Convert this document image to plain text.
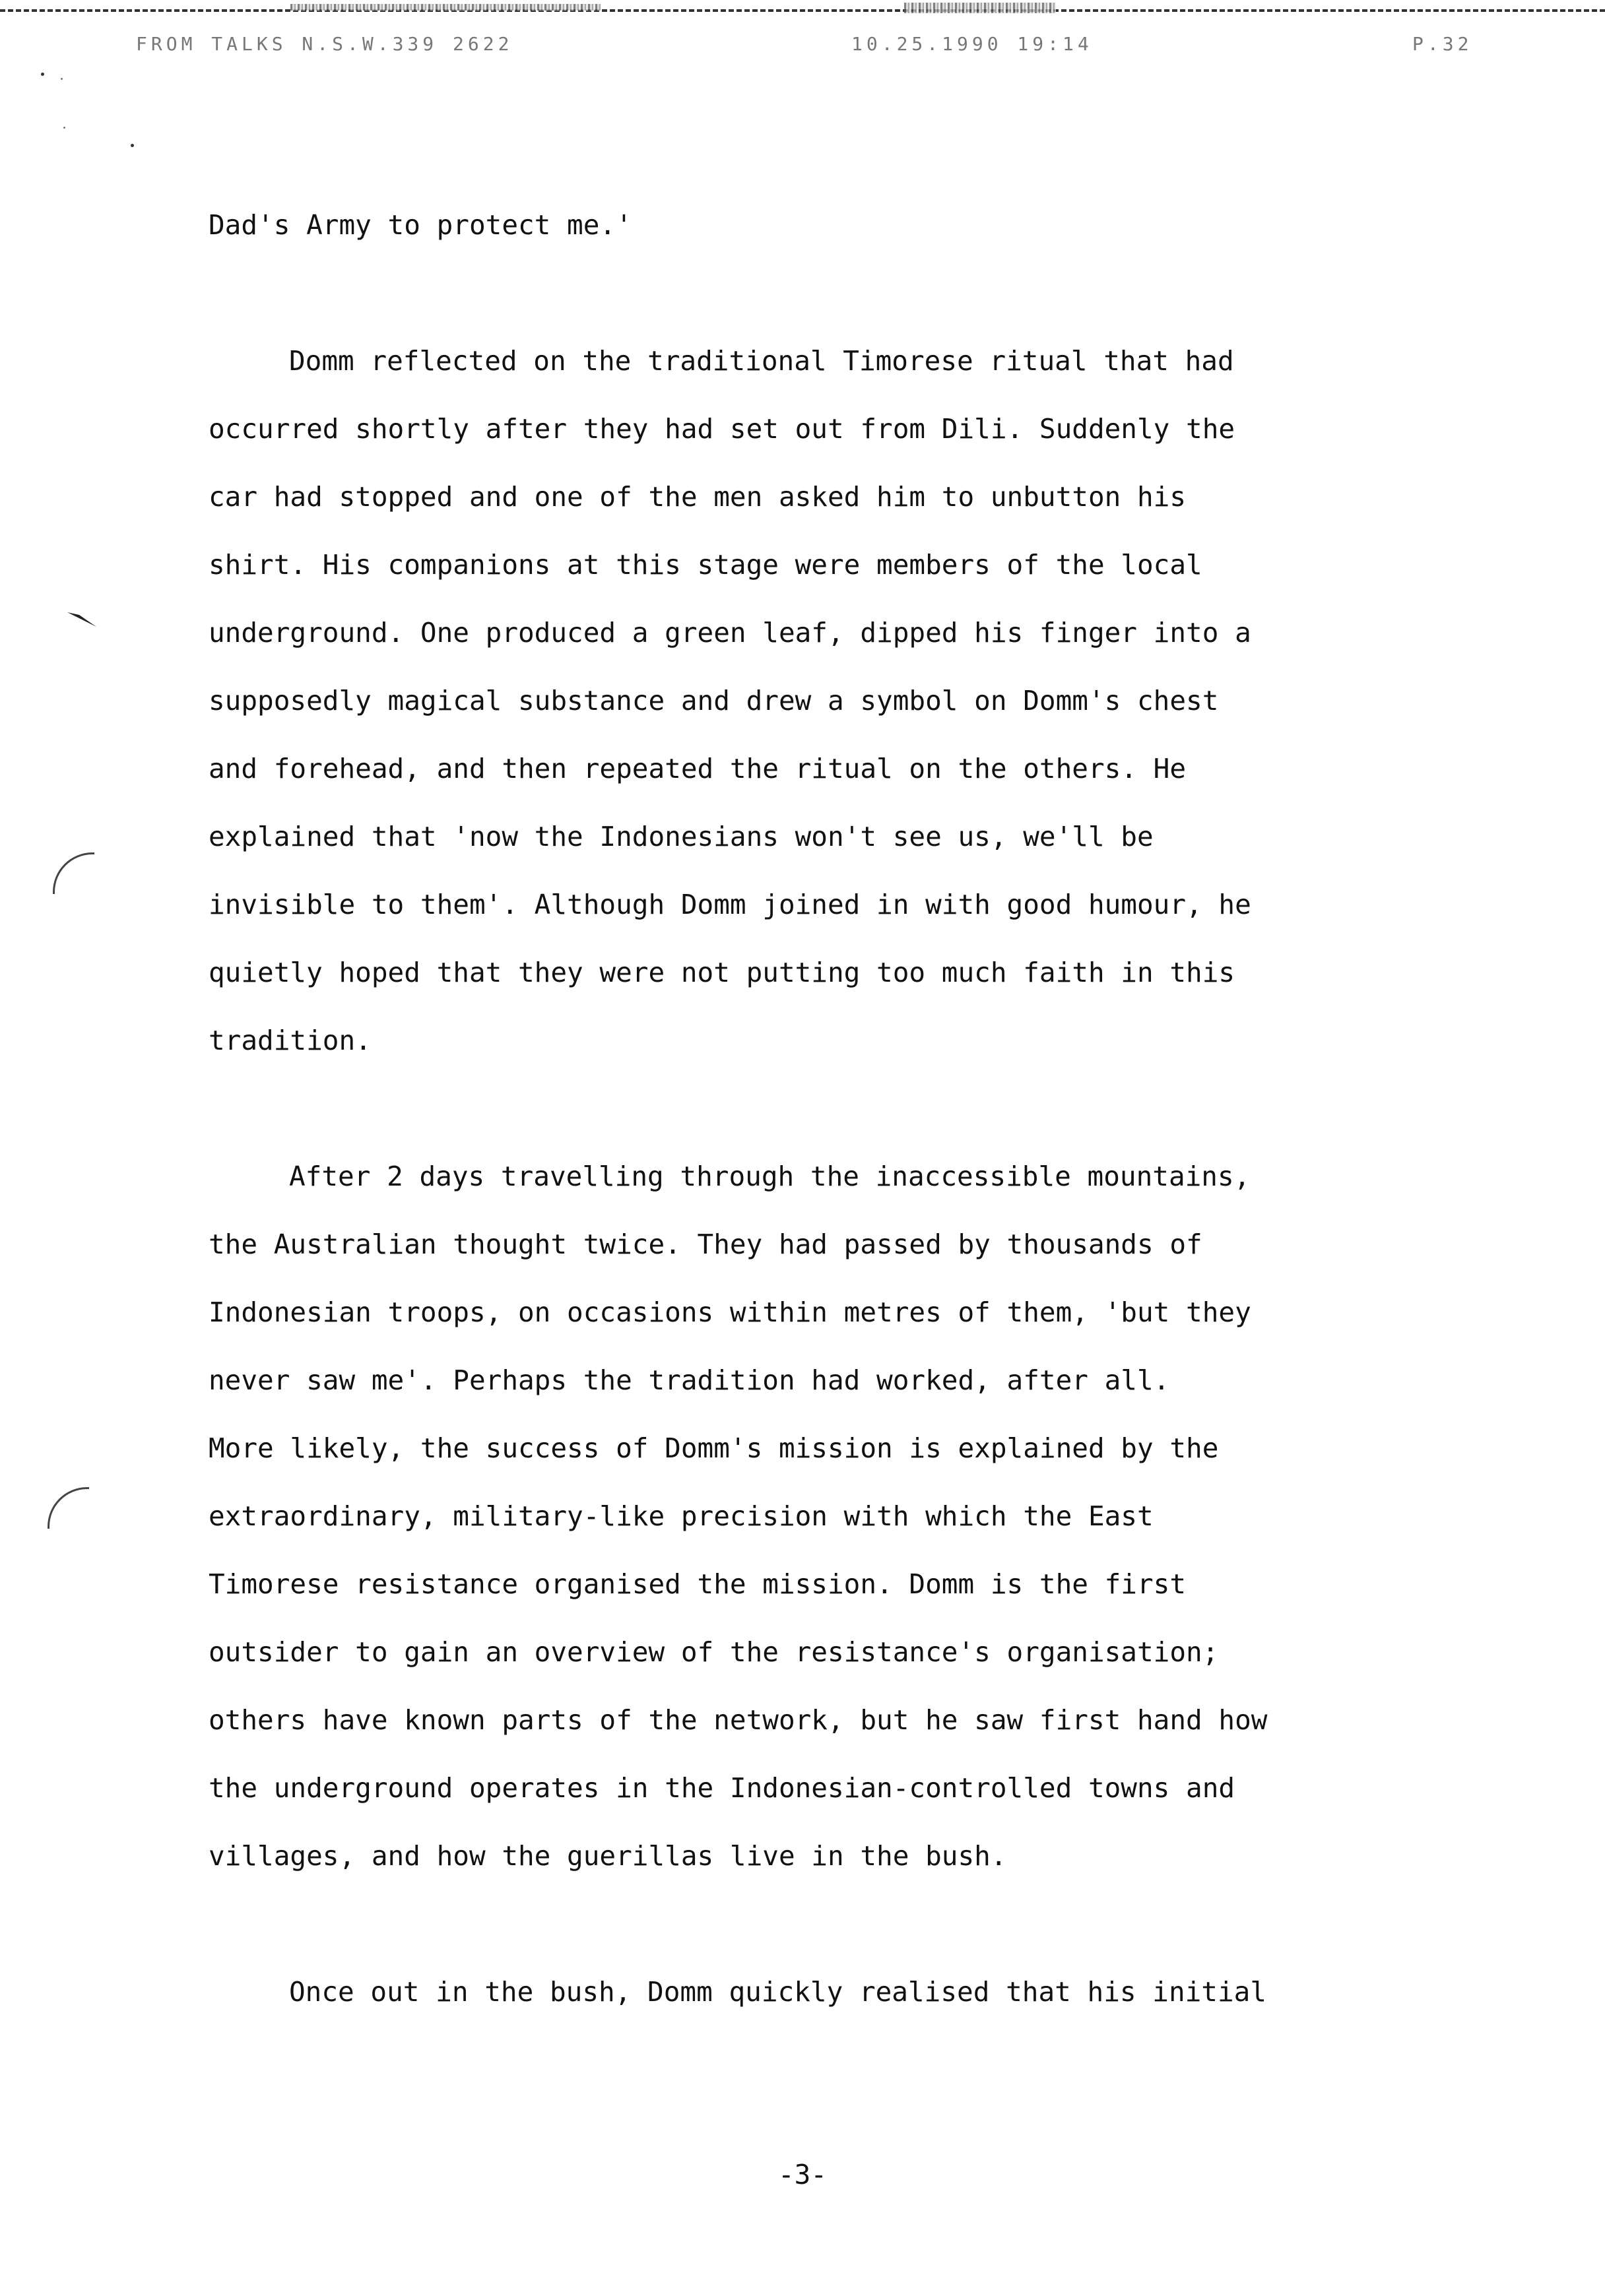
FROM TALKS N.S.W.339 2622	10.25.1990 19:14	P.32
Dad's Army to protect me.'
Domm reflected on the traditional Timorese ritual that had
occurred shortly after they had set out from Dili. Suddenly the
car had stopped and one of the men asked him to unbutton his
shirt. His companions at this stage were members of the local
underground. One produced a green leaf, dipped his finger into a
supposedly magical substance and drew a symbol on Domm's chest
and forehead, and then repeated the ritual on the others. He
explained that 'now the Indonesians won't see us, we'll be
invisible to them'. Although Domm joined in with good humour, he
quietly hoped that they were not putting too much faith in this
tradition.
After 2 days travelling through the inaccessible mountains,
the Australian thought twice. They had passed by thousands of
Indonesian troops, on occasions within metres of them, 'but they
never saw me'. Perhaps the tradition had worked, after all.
More likely, the success of Domm's mission is explained by the
extraordinary, military-like precision with which the East
Timorese resistance organised the mission. Domm is the first
outsider to gain an overview of the resistance's organisation;
others have known parts of the network, but he saw first hand how
the underground operates in the Indonesian-controlled towns and
villages, and how the guerillas live in the bush.
Once out in the bush, Domm quickly realised that his initial
-3-
